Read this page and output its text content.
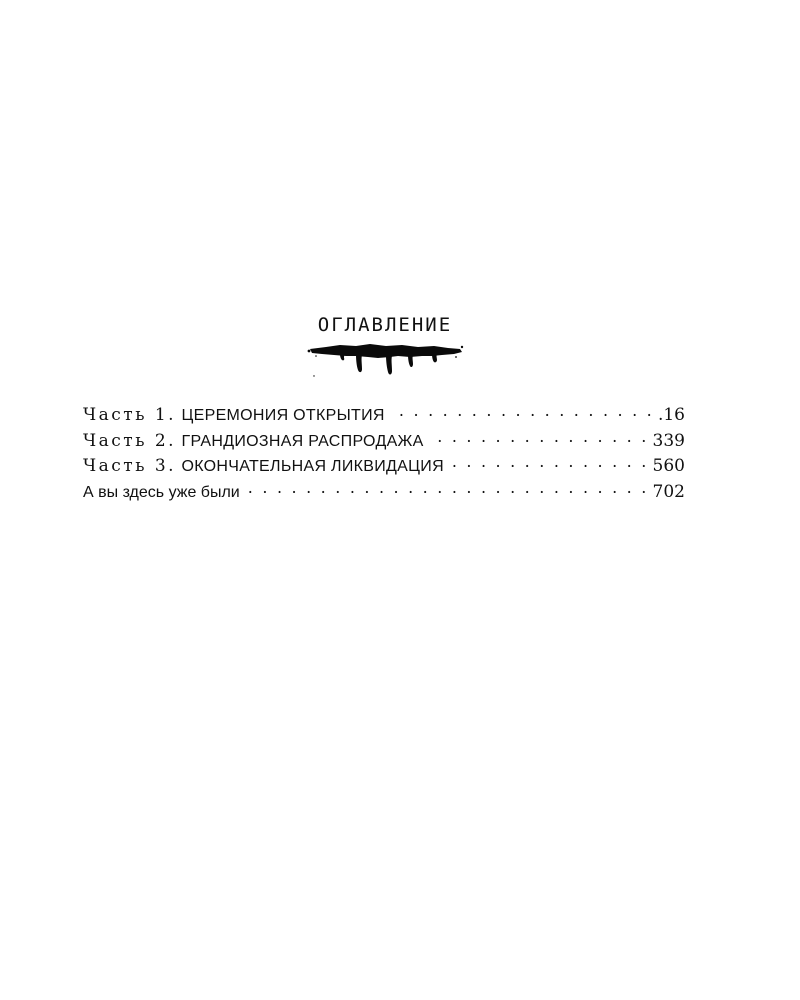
ОГЛАВЛЕНИЕ
Часть 1. ЦЕРЕМОНИЯ ОТКРЫТИЯ . . .	.16
Часть 2. ГРАНДИОЗНАЯ РАСПРОДАЖА . . .	339
Часть 3. ОКОНЧАТЕЛЬНАЯ ЛИКВИДАЦИЯ . . .	560
А вы здесь уже были . . .	702
